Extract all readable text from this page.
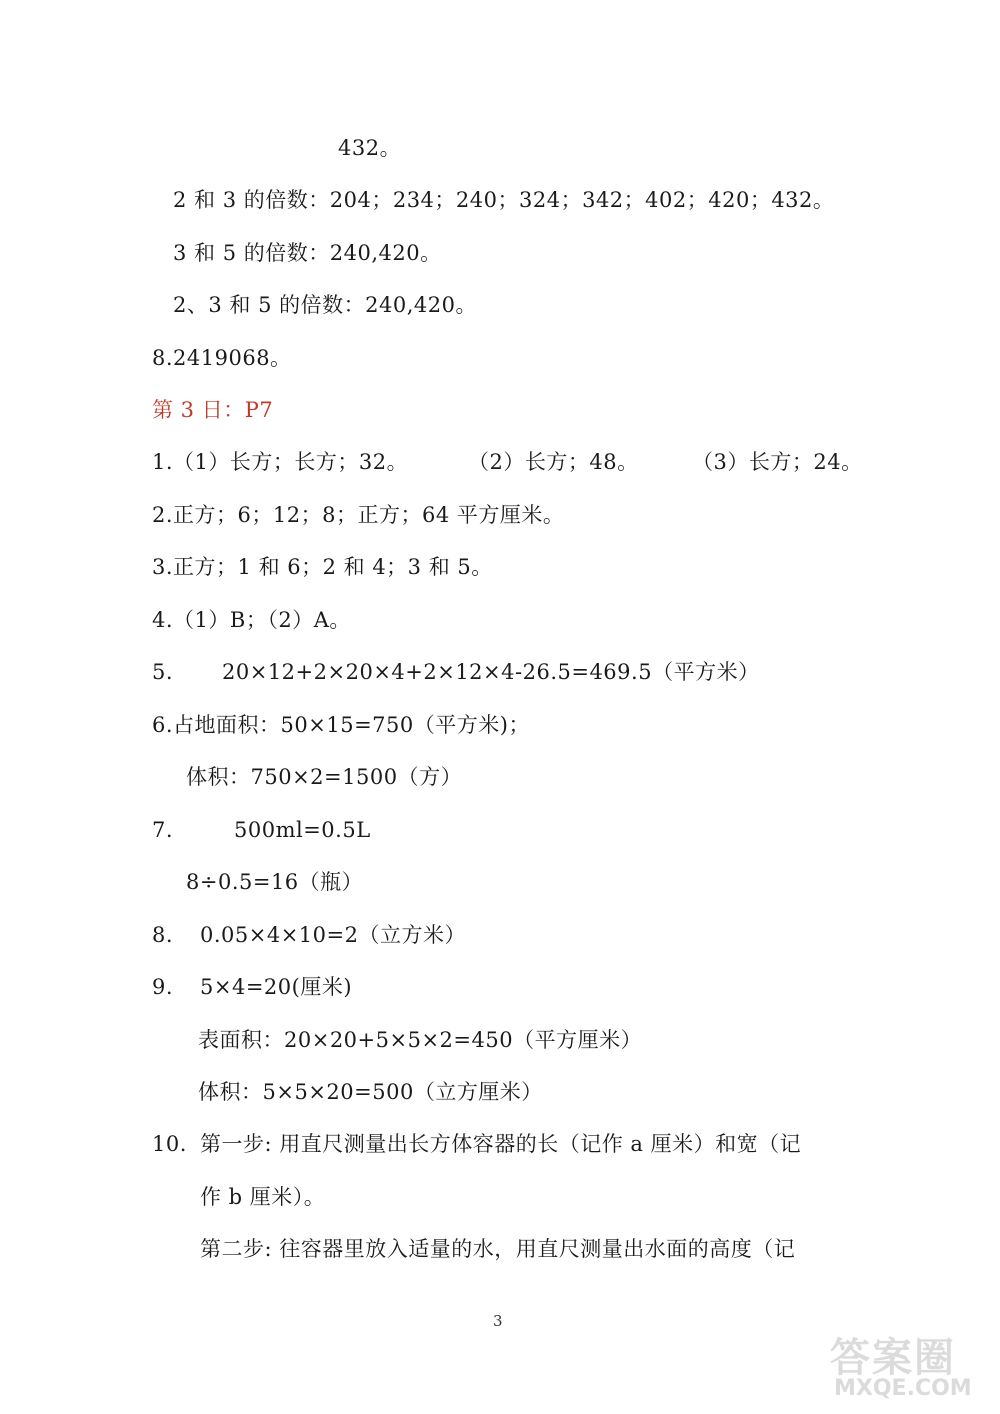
432。
2 和 3 的倍数：204；234；240；324；342；402；420；432。
3 和 5 的倍数：240,420。
2、3 和 5 的倍数：240,420。
8.2419068。
第 3 日：P7
1.（1）长方；长方；32。	（2）长方；48。	（3）长方；24。
2.正方；6；12；8；正方；64 平方厘米。
3.正方；1 和 6；2 和 4；3 和 5。
4.（1）B；（2）A。
5. 20×12+2×20×4+2×12×4-26.5=469.5（平方米）
6.占地面积：50×15=750（平方米)；
体积：750×2=1500（方）
7.	500ml=0.5L
8÷0.5=16（瓶）
8. 0.05×4×10=2（立方米）
9. 5×4=20(厘米)
表面积：20×20+5×5×2=450（平方厘米）
体积：5×5×20=500（立方厘米）
10. 第一步: 用直尺测量出长方体容器的长（记作 a 厘米）和宽（记
作 b 厘米）。
第二步: 往容器里放入适量的水，用直尺测量出水面的高度（记
3
答案圈
MXQE.COM
